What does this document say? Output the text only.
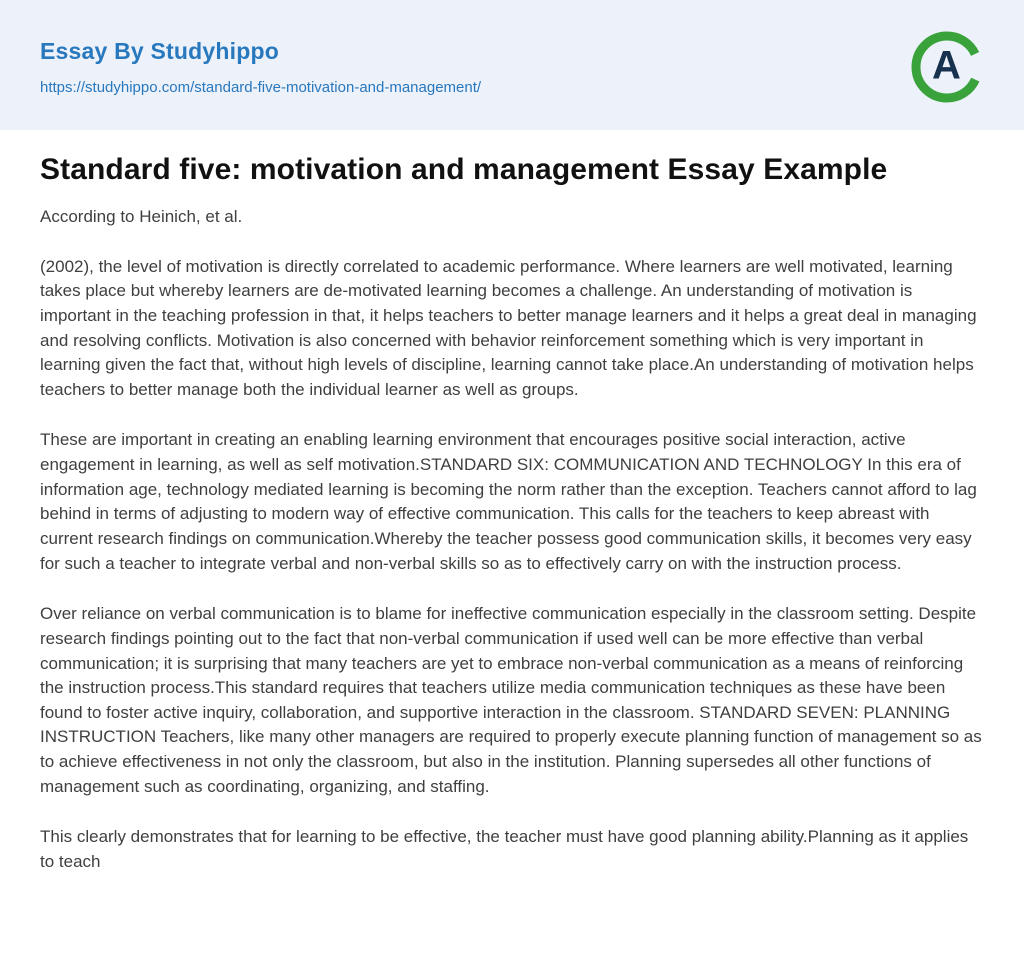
Essay By Studyhippo
https://studyhippo.com/standard-five-motivation-and-management/
A
Standard five: motivation and management Essay Example

According to Heinich, et al.

(2002), the level of motivation is directly correlated to academic performance. Where learners are well motivated, learning takes place but whereby learners are de-motivated learning becomes a challenge. An understanding of motivation is important in the teaching profession in that, it helps teachers to better manage learners and it helps a great deal in managing and resolving conflicts. Motivation is also concerned with behavior reinforcement something which is very important in learning given the fact that, without high levels of discipline, learning cannot take place.An understanding of motivation helps teachers to better manage both the individual learner as well as groups.

These are important in creating an enabling learning environment that encourages positive social interaction, active engagement in learning, as well as self motivation.STANDARD SIX: COMMUNICATION AND TECHNOLOGY In this era of information age, technology mediated learning is becoming the norm rather than the exception. Teachers cannot afford to lag behind in terms of adjusting to modern way of effective communication. This calls for the teachers to keep abreast with current research findings on communication.Whereby the teacher possess good communication skills, it becomes very easy for such a teacher to integrate verbal and non-verbal skills so as to effectively carry on with the instruction process.

Over reliance on verbal communication is to blame for ineffective communication especially in the classroom setting. Despite research findings pointing out to the fact that non-verbal communication if used well can be more effective than verbal communication; it is surprising that many teachers are yet to embrace non-verbal communication as a means of reinforcing the instruction process.This standard requires that teachers utilize media communication techniques as these have been found to foster active inquiry, collaboration, and supportive interaction in the classroom. STANDARD SEVEN: PLANNING INSTRUCTION Teachers, like many other managers are required to properly execute planning function of management so as to achieve effectiveness in not only the classroom, but also in the institution. Planning supersedes all other functions of management such as coordinating, organizing, and staffing.

This clearly demonstrates that for learning to be effective, the teacher must have good planning ability.Planning as it applies to teach
